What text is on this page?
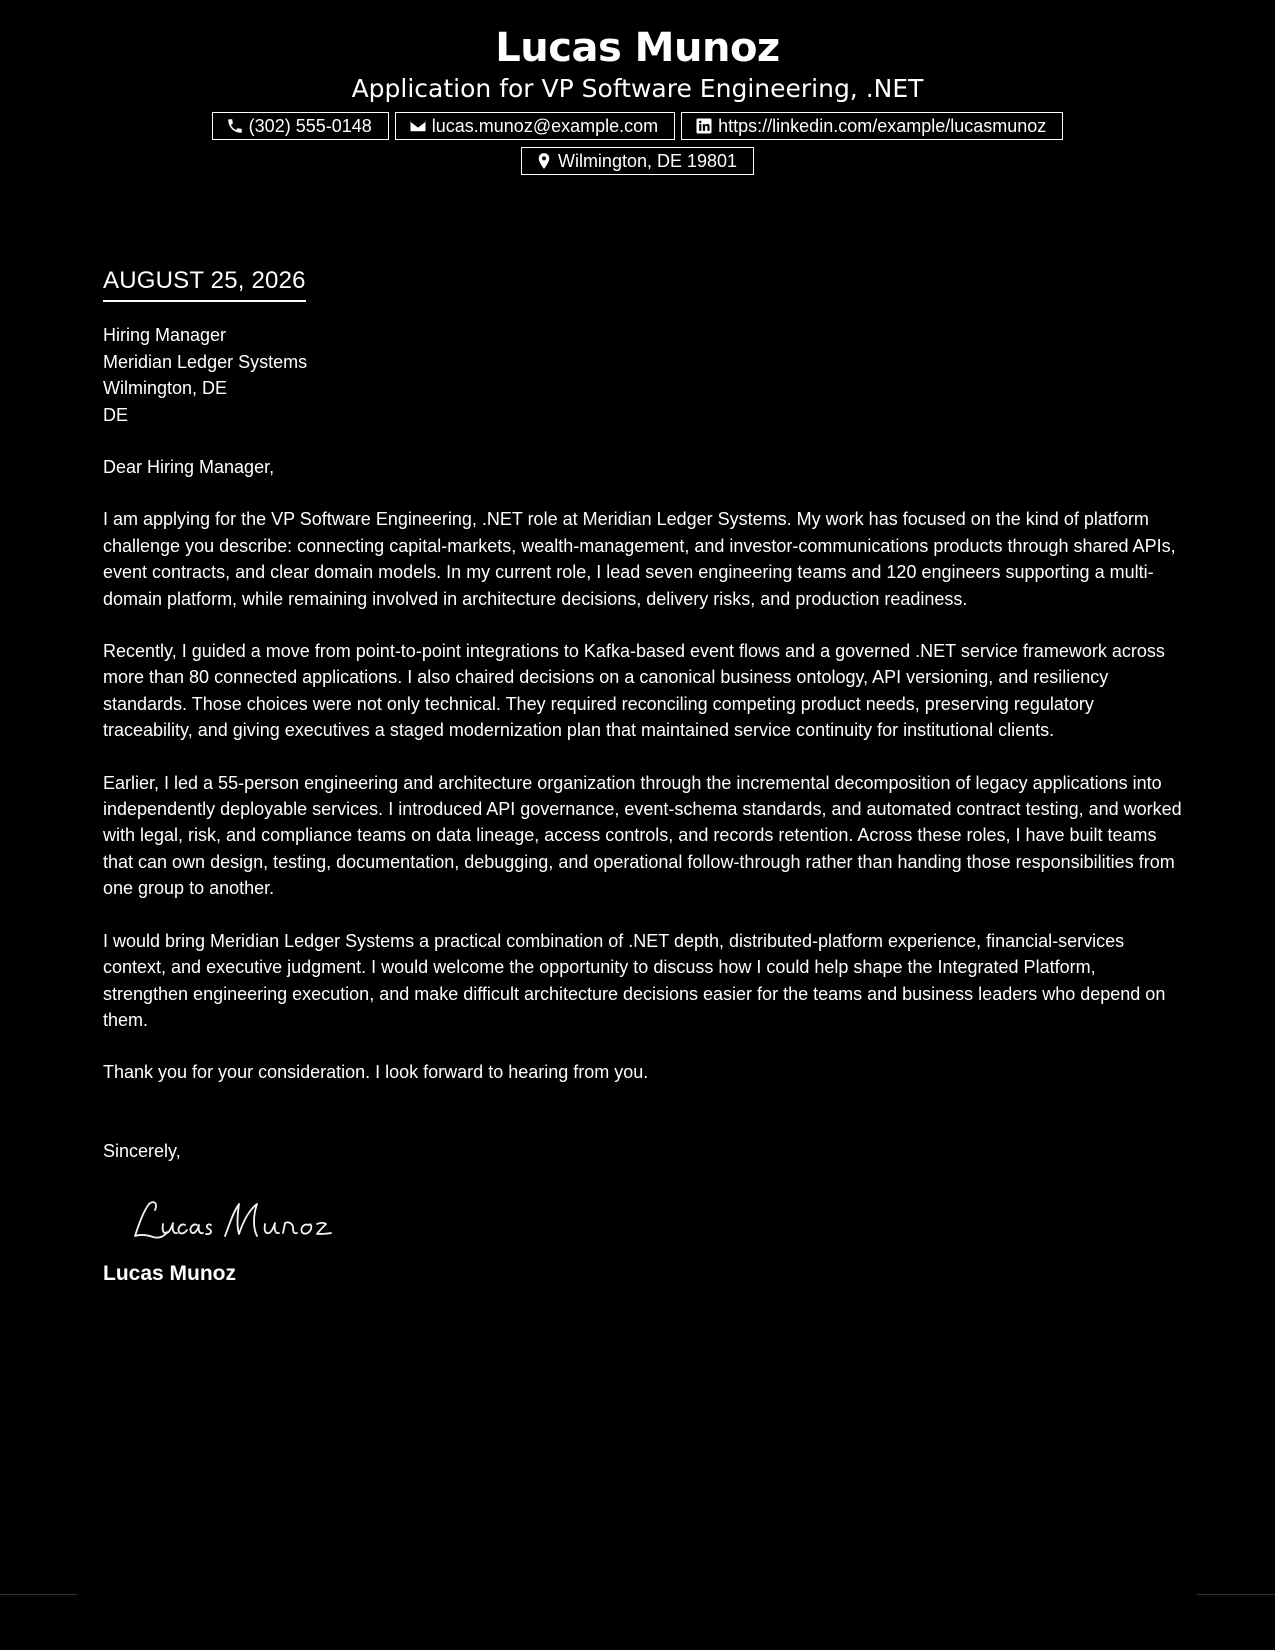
Lucas Munoz
Application for VP Software Engineering, .NET
(302) 555-0148	lucas.munoz@example.com	https://linkedin.com/example/lucasmunoz
Wilmington, DE 19801
AUGUST 25, 2026
Hiring Manager
Meridian Ledger Systems
Wilmington, DE
DE
Dear Hiring Manager,

I am applying for the VP Software Engineering, .NET role at Meridian Ledger Systems. My work has focused on the kind of platform challenge you describe: connecting capital-markets, wealth-management, and investor-communications products through shared APIs, event contracts, and clear domain models. In my current role, I lead seven engineering teams and 120 engineers supporting a multi-domain platform, while remaining involved in architecture decisions, delivery risks, and production readiness.

Recently, I guided a move from point-to-point integrations to Kafka-based event flows and a governed .NET service framework across more than 80 connected applications. I also chaired decisions on a canonical business ontology, API versioning, and resiliency standards. Those choices were not only technical. They required reconciling competing product needs, preserving regulatory traceability, and giving executives a staged modernization plan that maintained service continuity for institutional clients.

Earlier, I led a 55-person engineering and architecture organization through the incremental decomposition of legacy applications into independently deployable services. I introduced API governance, event-schema standards, and automated contract testing, and worked with legal, risk, and compliance teams on data lineage, access controls, and records retention. Across these roles, I have built teams that can own design, testing, documentation, debugging, and operational follow-through rather than handing those responsibilities from one group to another.

I would bring Meridian Ledger Systems a practical combination of .NET depth, distributed-platform experience, financial-services context, and executive judgment. I would welcome the opportunity to discuss how I could help shape the Integrated Platform, strengthen engineering execution, and make difficult architecture decisions easier for the teams and business leaders who depend on them.

Thank you for your consideration. I look forward to hearing from you.

Sincerely,
Lucas Munoz
